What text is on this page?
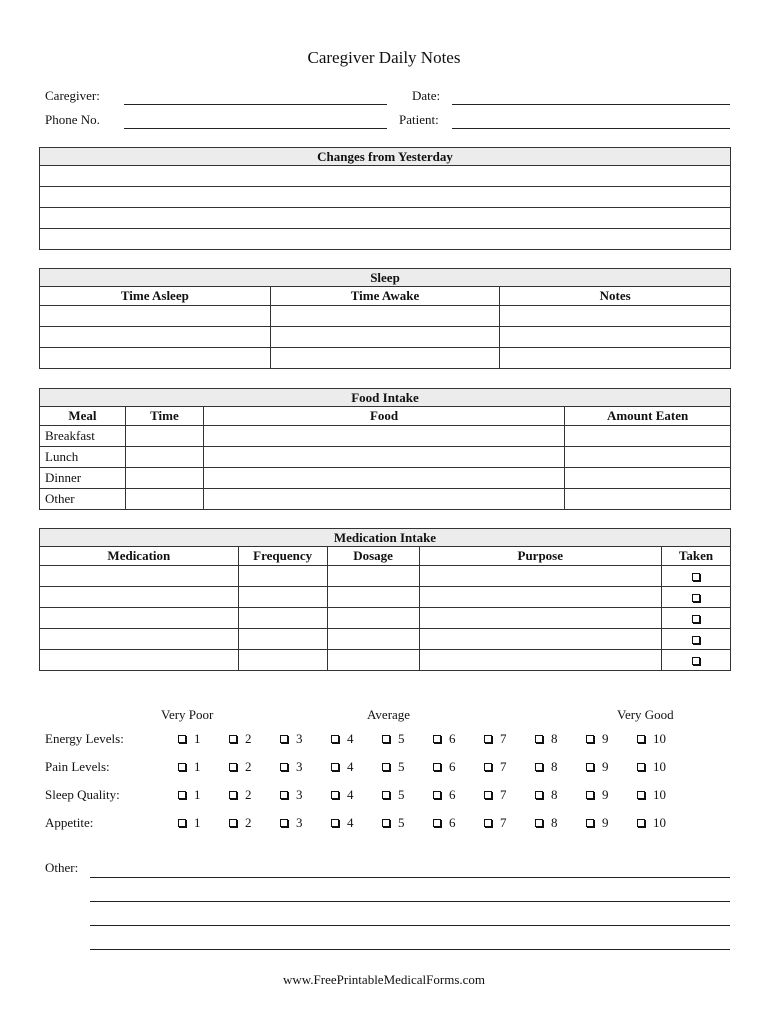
Caregiver Daily Notes
Caregiver:	Date:
Phone No.	Patient:
Changes from Yesterday

Sleep		
Time Asleep	Time Awake	Notes

Food Intake			
Meal	Time	Food	Amount Eaten
Breakfast			
Lunch			
Dinner			
Other			
Medication Intake				
Medication	Frequency	Dosage	Purpose	Taken

Very Poor	Average	Very Good
Energy Levels:	1	2	3	4	5	6	7	8	9	10
Pain Levels:	1	2	3	4	5	6	7	8	9	10
Sleep Quality:	1	2	3	4	5	6	7	8	9	10
Appetite:	1	2	3	4	5	6	7	8	9	10
Other:
www.FreePrintableMedicalForms.com
